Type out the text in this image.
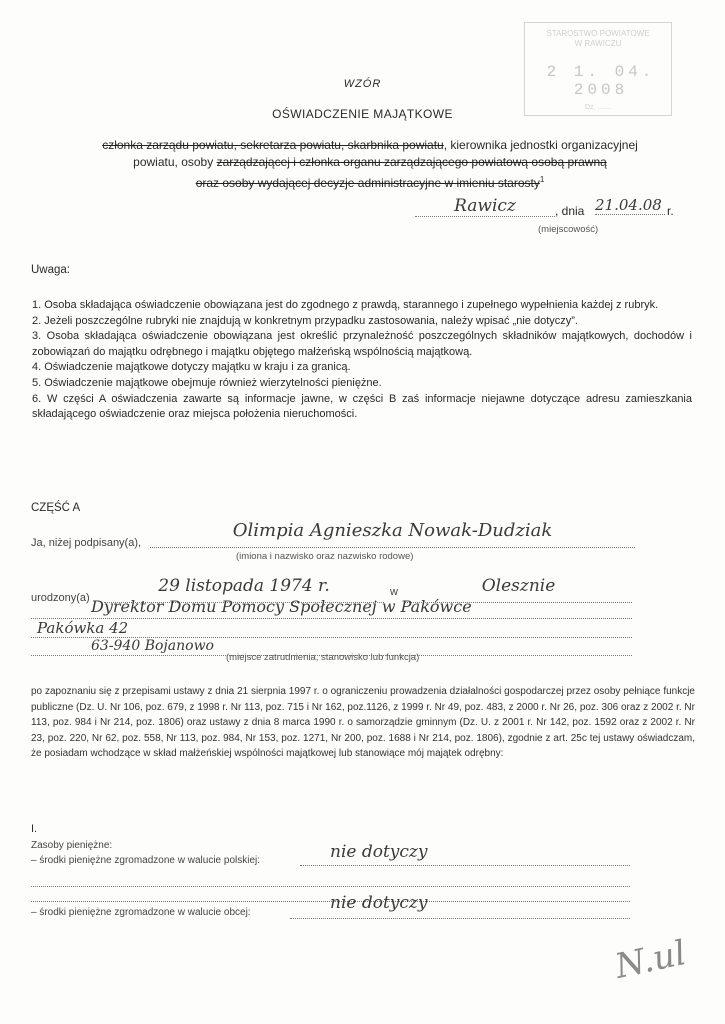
STAROSTWO POWIATOWE
W RAWICZU
2 1. 04. 2008
Dz. .......
WZÓR
OŚWIADCZENIE MAJĄTKOWE
członka zarządu powiatu, sekretarza powiatu, skarbnika powiatu, kierownika jednostki organizacyjnej
powiatu, osoby zarządzającej i członka organu zarządzającego powiatową osobą prawną
oraz osoby wydającej decyzje administracyjne w imieniu starosty$^1$
Rawicz	, dnia 21.04.08 r.
(miejscowość)
Uwaga:

1. Osoba składająca oświadczenie obowiązana jest do zgodnego z prawdą, starannego i zupełnego wypełnienia każdej z rubryk.

2. Jeżeli poszczególne rubryki nie znajdują w konkretnym przypadku zastosowania, należy wpisać „nie dotyczy”.

3. Osoba składająca oświadczenie obowiązana jest określić przynależność poszczególnych składników majątkowych, dochodów i zobowiązań do majątku odrębnego i majątku objętego małżeńską wspólnością majątkową.

4. Oświadczenie majątkowe dotyczy majątku w kraju i za granicą.

5. Oświadczenie majątkowe obejmuje również wierzytelności pieniężne.

6. W części A oświadczenia zawarte są informacje jawne, w części B zaś informacje niejawne dotyczące adresu zamieszkania składającego oświadczenie oraz miejsca położenia nieruchomości.

CZĘŚĆ A
Ja, niżej podpisany(a),
Olimpia Agnieszka Nowak-Dudziak
(imiona i nazwisko oraz nazwisko rodowe)
urodzony(a)
29 listopada 1974 r.	w	Olesznie
Dyrektor Domu Pomocy Społecznej w Pakówce
Pakówka 42
63-940 Bojanowo
(miejsce zatrudnienia, stanowisko lub funkcja)
po zapoznaniu się z przepisami ustawy z dnia 21 sierpnia 1997 r. o ograniczeniu prowadzenia działalności gospodarczej przez osoby pełniące funkcje publiczne (Dz. U. Nr 106, poz. 679, z 1998 r. Nr 113, poz. 715 i Nr 162, poz.1126, z 1999 r. Nr 49, poz. 483, z 2000 r. Nr 26, poz. 306 oraz z 2002 r. Nr 113, poz. 984 i Nr 214, poz. 1806) oraz ustawy z dnia 8 marca 1990 r. o samorządzie gminnym (Dz. U. z 2001 r. Nr 142, poz. 1592 oraz z 2002 r. Nr 23, poz. 220, Nr 62, poz. 558, Nr 113, poz. 984, Nr 153, poz. 1271, Nr 200, poz. 1688 i Nr 214, poz. 1806), zgodnie z art. 25c tej ustawy oświadczam, że posiadam wchodzące w skład małżeńskiej wspólności majątkowej lub stanowiące mój majątek odrębny:
I.
Zasoby pieniężne:
– środki pieniężne zgromadzone w walucie polskiej:	nie dotyczy
– środki pieniężne zgromadzone w walucie obcej:	nie dotyczy
N.ul
